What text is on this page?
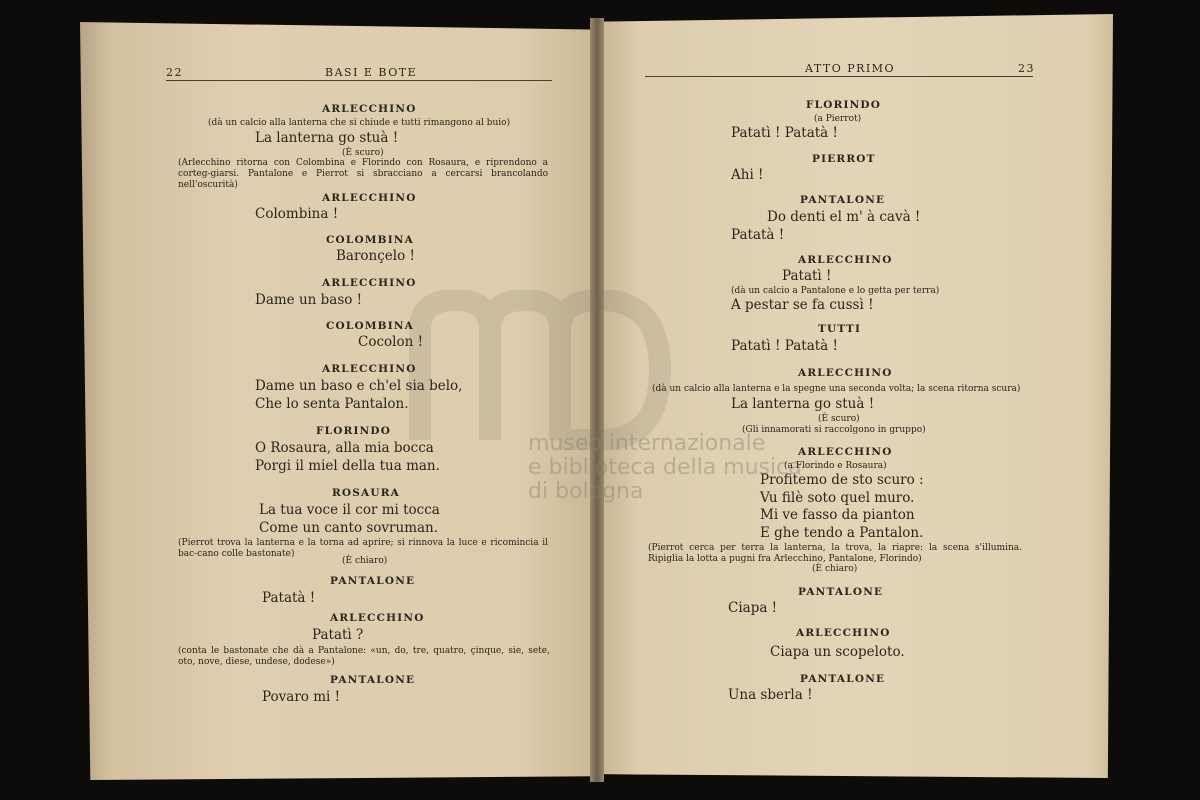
22	BASI E BOTE	ATTO PRIMO	23
museo internazionale
e biblioteca della musica
di bologna
ARLECCHINO
(dà un calcio alla lanterna che si chiude e tutti rimangono al buio)
La lanterna go stuà !
(È scuro)
(Arlecchino ritorna con Colombina e Florindo con Rosaura, e riprendono a corteg-giarsi. Pantalone e Pierrot si sbracciano a cercarsi brancolando nell'oscurità)
ARLECCHINO
Colombina !
COLOMBINA
Baronçelo !
ARLECCHINO
Dame un baso !
COLOMBINA
Cocolon !
ARLECCHINO
Dame un baso e ch'el sia belo,
Che lo senta Pantalon.
FLORINDO
O Rosaura, alla mia bocca
Porgi il miel della tua man.
ROSAURA
La tua voce il cor mi tocca
Come un canto sovruman.
(Pierrot trova la lanterna e la torna ad aprire; si rinnova la luce e ricomincia il bac-cano colle bastonate)
(È chiaro)
PANTALONE
Patatà !
ARLECCHINO
Patatì ?
(conta le bastonate che dà a Pantalone: «un, do, tre, quatro, çinque, sie, sete, oto, nove, diese, undese, dodese»)
PANTALONE
Povaro mi !
FLORINDO
(a Pierrot)
Patatì ! Patatà !
PIERROT
Ahi !
PANTALONE
Do denti el m' à cavà !
Patatà !
ARLECCHINO
Patatì !
(dà un calcio a Pantalone e lo getta per terra)
A pestar se fa cussì !
TUTTI
Patatì ! Patatà !
ARLECCHINO
(dà un calcio alla lanterna e la spegne una seconda volta; la scena ritorna scura)
La lanterna go stuà !
(È scuro)
(Gli innamorati si raccolgono in gruppo)
ARLECCHINO
(a Florindo e Rosaura)
Profitemo de sto scuro :
Vu filè soto quel muro.
Mi ve fasso da pianton
E ghe tendo a Pantalon.
(Pierrot cerca per terra la lanterna, la trova, la riapre: la scena s'illumina. Ripiglia la lotta a pugni fra Arlecchino, Pantalone, Florindo)
(È chiaro)
PANTALONE
Ciapa !
ARLECCHINO
Ciapa un scopeloto.
PANTALONE
Una sberla !
